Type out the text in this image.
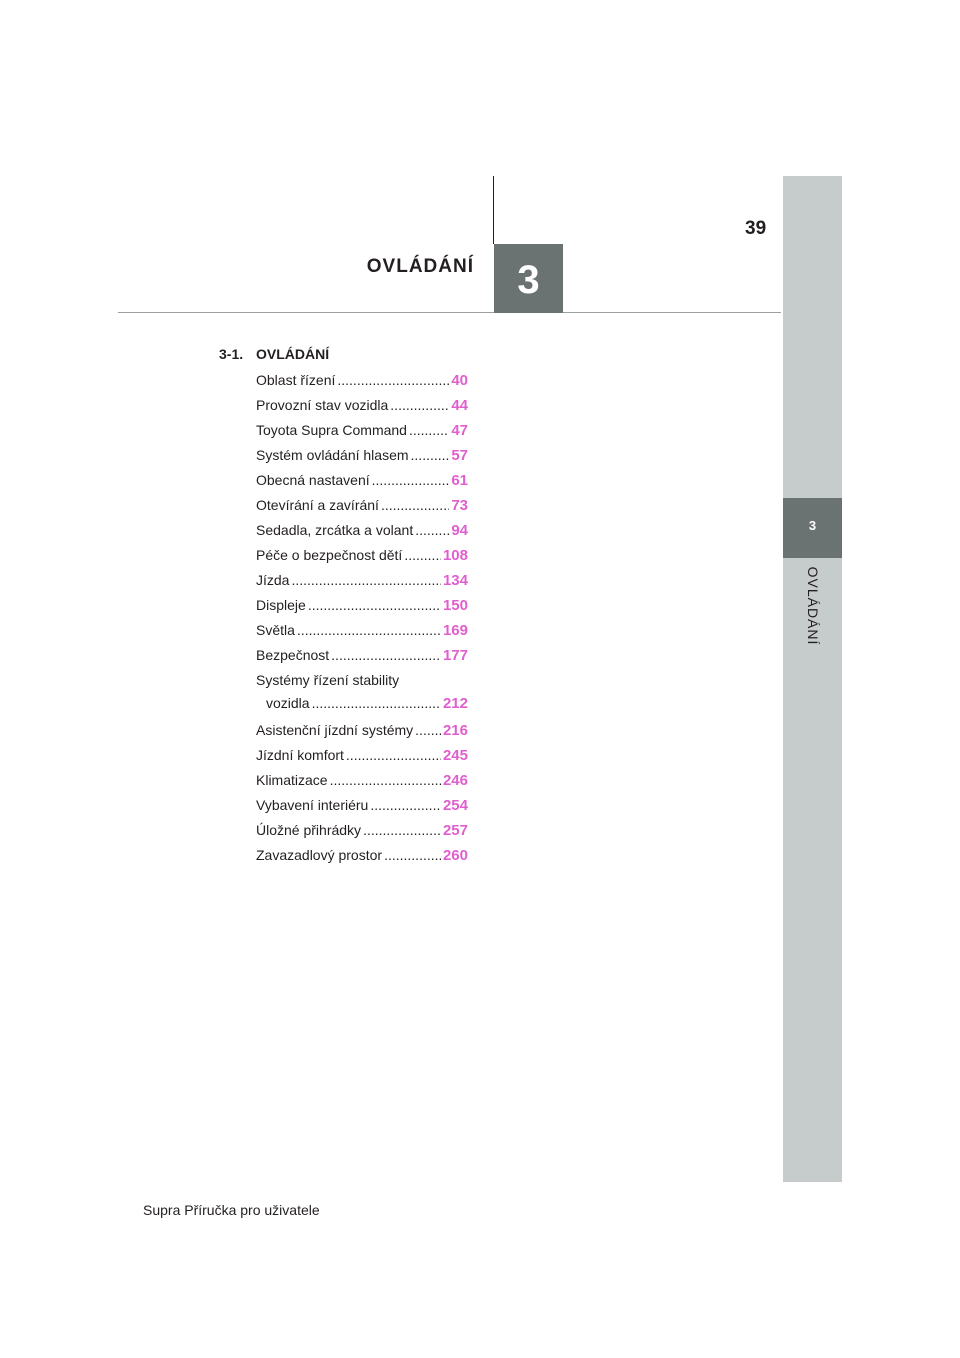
3
OVLÁDÁNÍ
3
OVLÁDÁNÍ
39
3-1. OVLÁDÁNÍ
Oblast řízení .....	40
Provozní stav vozidla .....	44
Toyota Supra Command .....	47
Systém ovládání hlasem .....	57
Obecná nastavení .....	61
Otevírání a zavírání .....	73
Sedadla, zrcátka a volant .....	94
Péče o bezpečnost dětí .....	108
Jízda .....	134
Displeje .....	150
Světla .....	169
Bezpečnost .....	177
Systémy řízení stability
vozidla .....	212
Asistenční jízdní systémy ..... 216
Jízdní komfort .....	245
Klimatizace .....	246
Vybavení interiéru .....	254
Úložné přihrádky .....	257
Zavazadlový prostor .....	260
Supra Příručka pro uživatele
